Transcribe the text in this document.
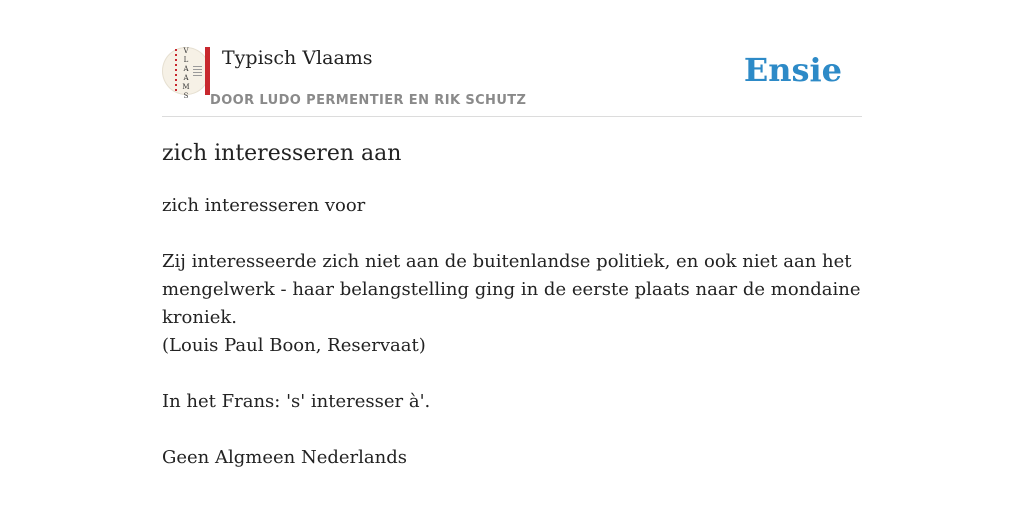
V
L
A
A
M
S
Typisch Vlaams
DOOR LUDO PERMENTIER EN RIK SCHUTZ
Ensie
zich interesseren aan

zich interesseren voor

Zij interesseerde zich niet aan de buitenlandse politiek, en ook niet aan het
mengelwerk - haar belangstelling ging in de eerste plaats naar de mondaine
kroniek.
(Louis Paul Boon, Reservaat)

In het Frans: 's' interesser à'.

Geen Algmeen Nederlands
